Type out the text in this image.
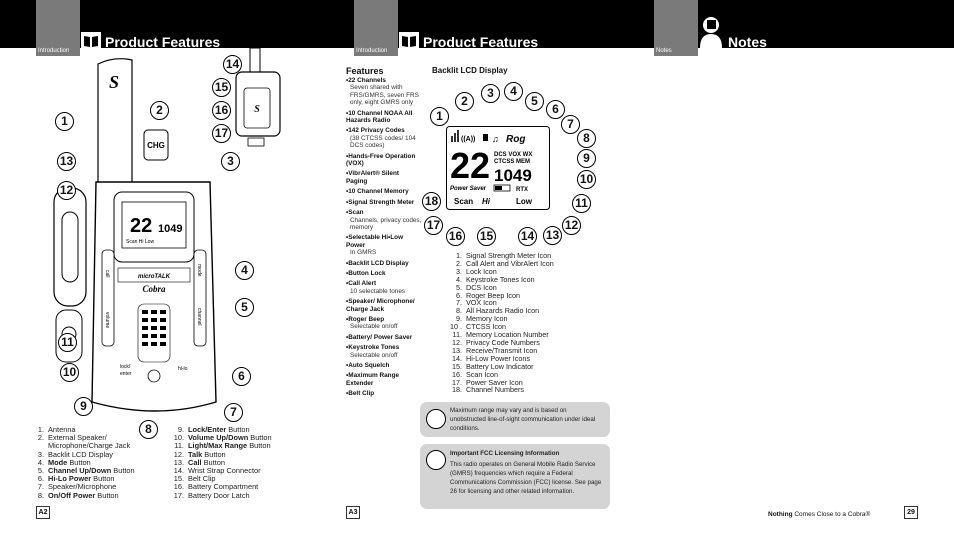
Introduction
Product Features
S
CHG
22 1049
Scan Hi Low
microTALK
Cobra
call	mode
volume	channel
lock/
enter
hi-lo
S
1
2
3
4
5
6
7
8
9
10
11
12
13
14
15
16
17
1. Antenna
2. External Speaker/
Microphone/Charge Jack
3. Backlit LCD Display
4. Mode Button
5. Channel Up/Down Button
6. Hi-Lo Power Button
7. Speaker/Microphone
8. On/Off Power Button
9. Lock/Enter Button
10. Volume Up/Down Button
11. Light/Max Range Button
12. Talk Button
13. Call Button
14. Wrist Strap Connector
15. Belt Clip
16. Battery Compartment
17. Battery Door Latch
A2
Introduction
Product Features
Features
• 22 Channels
Seven shared with FRS/GMRS, seven FRS only, eight GMRS only
• 10 Channel NOAA All Hazards Radio
• 142 Privacy Codes
(38 CTCSS codes/ 104 DCS codes)
• Hands-Free Operation (VOX)
• VibrAlert® Silent Paging
• 10 Channel Memory
• Signal Strength Meter
• Scan
Channels, privacy codes, memory
• Selectable Hi•Low Power
In GMRS
• Backlit LCD Display
• Button Lock
• Call Alert
10 selectable tones
• Speaker/ Microphone/ Charge Jack
• Roger Beep
Selectable on/off
• Battery/ Power Saver
• Keystroke Tones
Selectable on/off
• Auto Squelch
• Maximum Range Extender
• Belt Clip
Backlit LCD Display
((A)) ♫ Rog
22 DCS VOX WX
CTCSS MEM
1049
Power Saver	RTX
Scan Hi	Low
1
2
3	4
5
6
7
8
9
10
11
12
13
14
15
16
17
18
1. Signal Strength Meter Icon
2. Call Alert and VibrAlert Icon
3. Lock Icon
4. Keystroke Tones Icon
5. DCS Icon
6. Roger Beep Icon
7. VOX Icon
8. All Hazards Radio Icon
9. Memory Icon
10 . CTCSS Icon
11. Memory Location Number
12. Privacy Code Numbers
13. Receive/Transmit Icon
14. Hi-Low Power Icons
15. Battery Low Indicator
16. Scan Icon
17. Power Saver Icon
18. Channel Numbers
Maximum range may vary and is based on unobstructed line-of-sight communication under ideal conditions.
Important FCC Licensing Information
This radio operates on General Mobile Radio Service (GMRS) frequencies which require a Federal Communications Commission (FCC) license. See page 26 for licensing and other related information.
A3
Notes
Notes
Nothing Comes Close to a Cobra®	29
